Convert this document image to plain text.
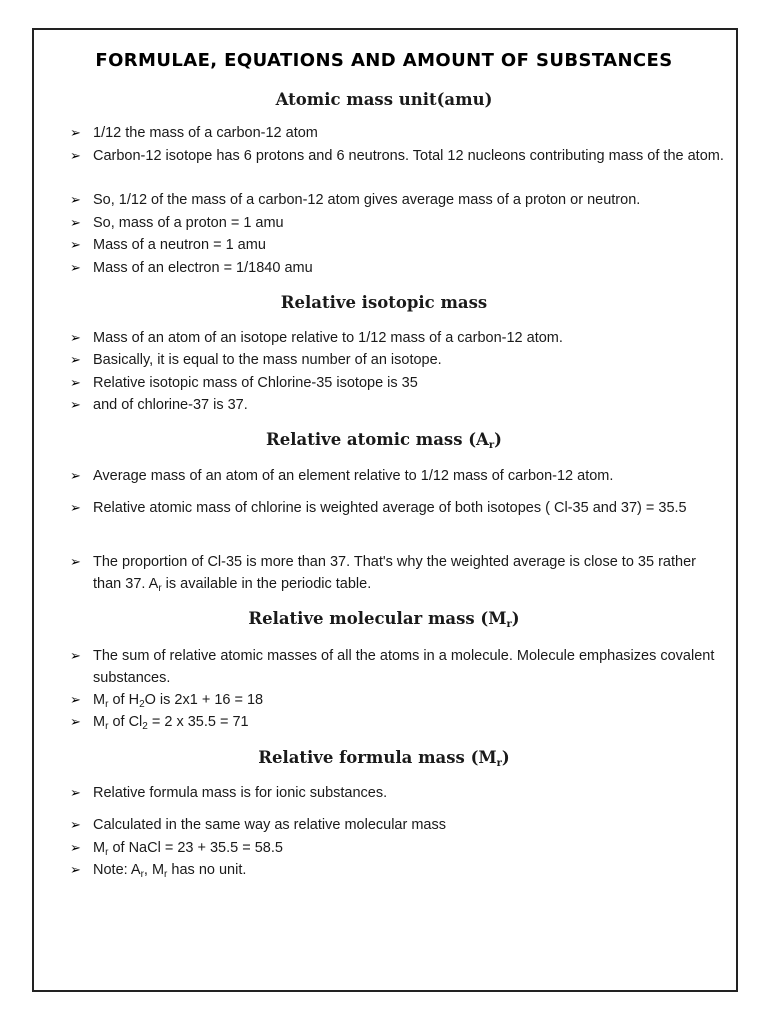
FORMULAE, EQUATIONS AND AMOUNT OF SUBSTANCES
Atomic mass unit(amu)
➢ 1/12 the mass of a carbon-12 atom
➢ Carbon-12 isotope has 6 protons and 6 neutrons. Total 12 nucleons contributing mass of the atom.
➢ So, 1/12 of the mass of a carbon-12 atom gives average mass of a proton or neutron.
➢ So, mass of a proton = 1 amu
➢ Mass of a neutron = 1 amu
➢ Mass of an electron = 1/1840 amu
Relative isotopic mass
➢ Mass of an atom of an isotope relative to 1/12 mass of a carbon-12 atom.
➢ Basically, it is equal to the mass number of an isotope.
➢ Relative isotopic mass of Chlorine-35 isotope is 35
➢ and of chlorine-37 is 37.
Relative atomic mass $(A_r)$
➢ Average mass of an atom of an element relative to 1/12 mass of carbon-12 atom.
➢ Relative atomic mass of chlorine is weighted average of both isotopes ( Cl-35 and 37) = 35.5
➢ The proportion of Cl-35 is more than 37. That's why the weighted average is close to 35 rather than 37. $A_r$ is available in the periodic table.
Relative molecular mass $(M_r)$
➢ The sum of relative atomic masses of all the atoms in a molecule. Molecule emphasizes covalent substances.
➢ $M_r$ of $H_2O$ is 2x1 + 16 = 18
➢ $M_r$ of $Cl_2 = 2$ x 35.5 = 71
Relative formula mass $(M_r)$
➢ Relative formula mass is for ionic substances.
➢ Calculated in the same way as relative molecular mass
➢ $M_r$ of NaCl = 23 + 35.5 = 58.5
➢ Note: $A_r$, $M_r$ has no unit.
